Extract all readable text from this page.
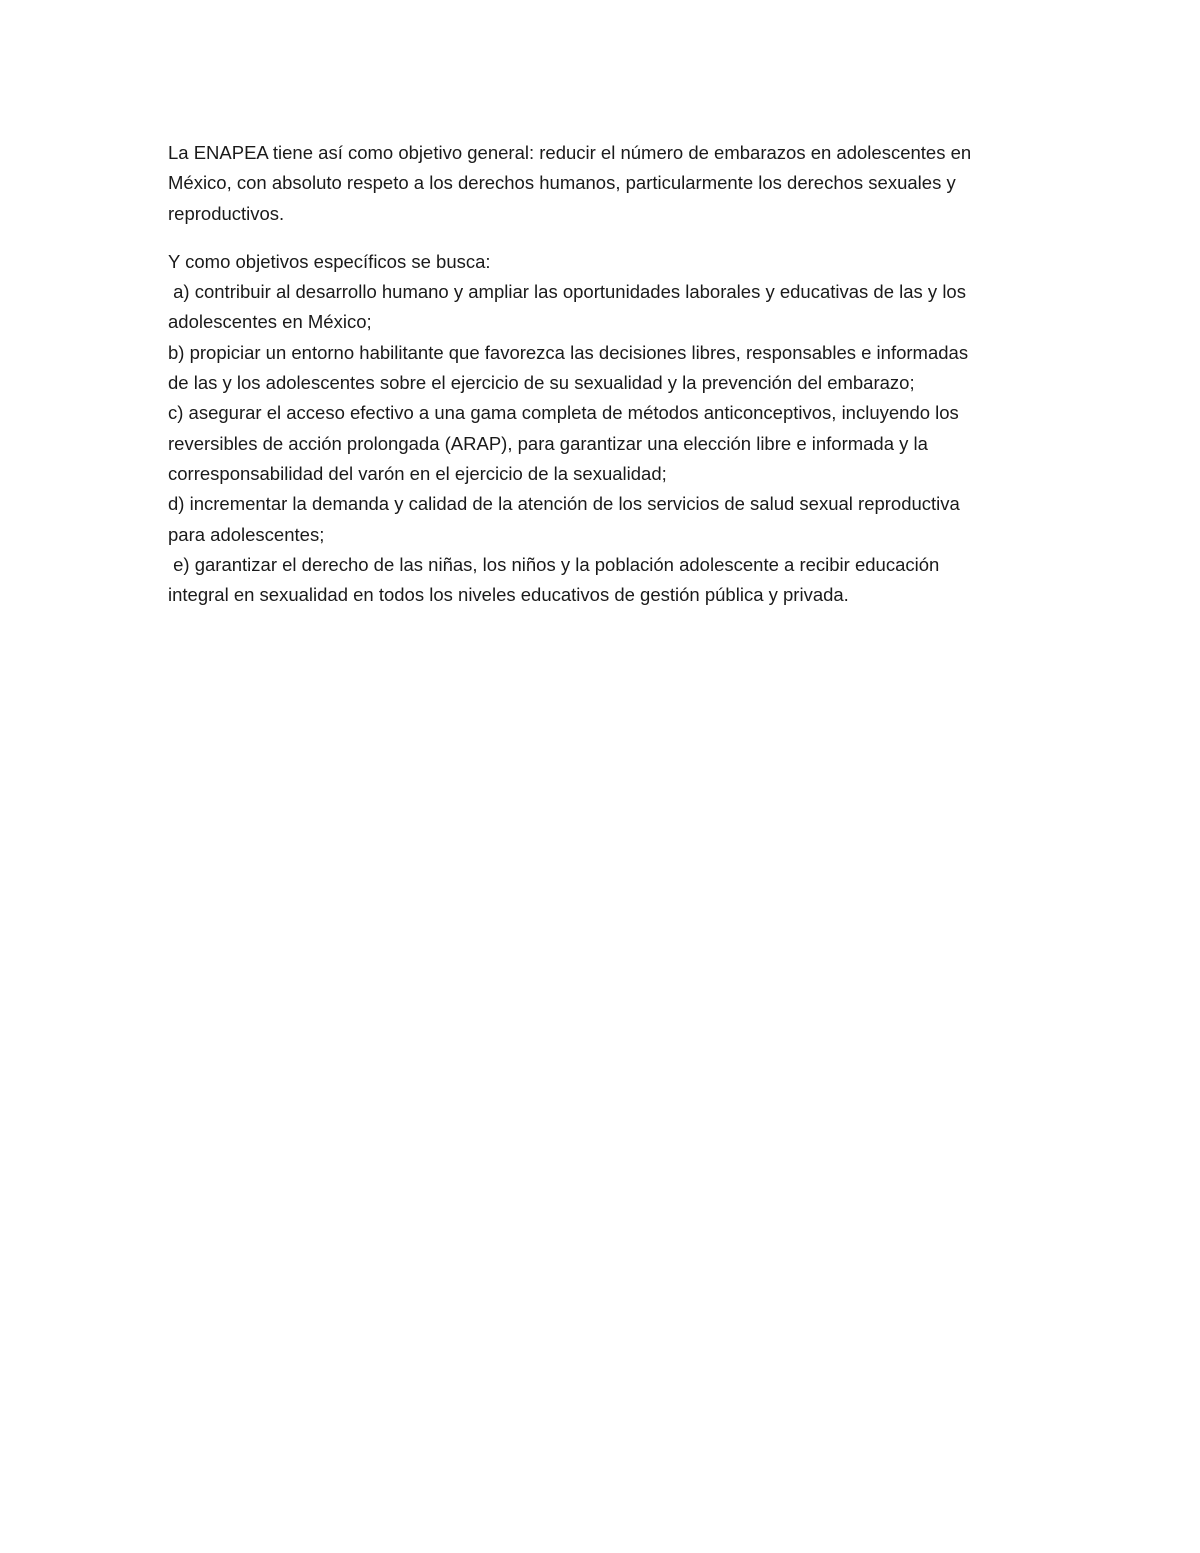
La ENAPEA tiene así como objetivo general: reducir el número de embarazos en adolescentes en
México, con absoluto respeto a los derechos humanos, particularmente los derechos sexuales y
reproductivos.

Y como objetivos específicos se busca:
a) contribuir al desarrollo humano y ampliar las oportunidades laborales y educativas de las y los
adolescentes en México;
b) propiciar un entorno habilitante que favorezca las decisiones libres, responsables e informadas
de las y los adolescentes sobre el ejercicio de su sexualidad y la prevención del embarazo;
c) asegurar el acceso efectivo a una gama completa de métodos anticonceptivos, incluyendo los
reversibles de acción prolongada (ARAP), para garantizar una elección libre e informada y la
corresponsabilidad del varón en el ejercicio de la sexualidad;
d) incrementar la demanda y calidad de la atención de los servicios de salud sexual reproductiva
para adolescentes;
e) garantizar el derecho de las niñas, los niños y la población adolescente a recibir educación
integral en sexualidad en todos los niveles educativos de gestión pública y privada.
